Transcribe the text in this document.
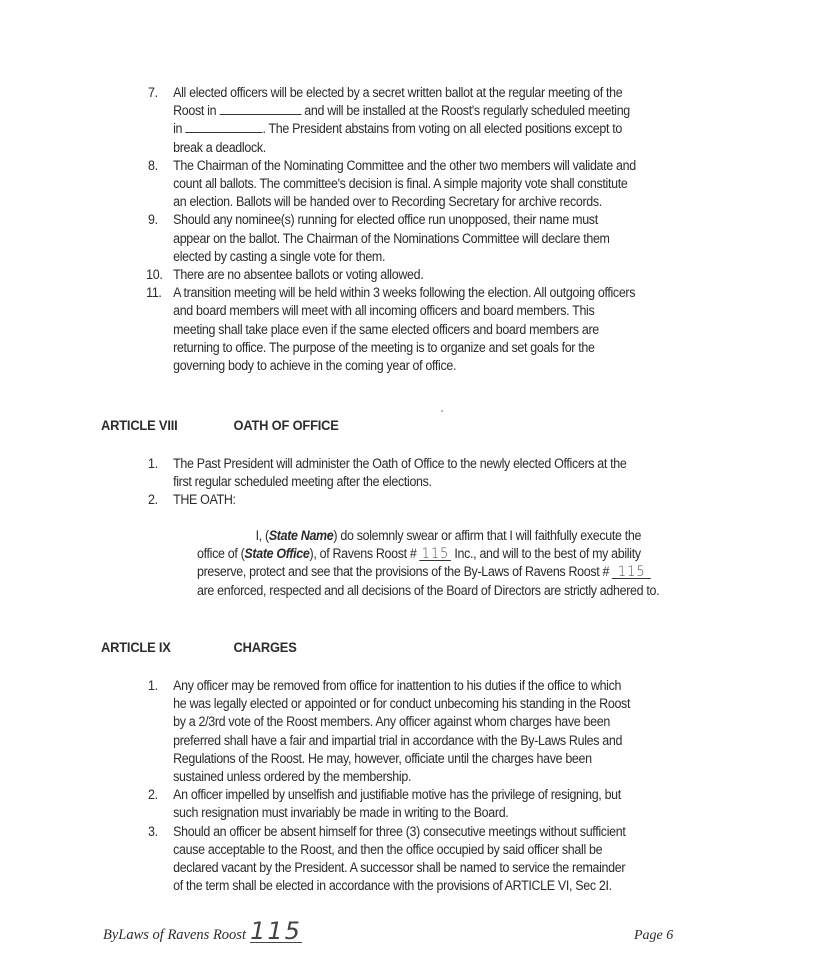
7. All elected officers will be elected by a secret written ballot at the regular meeting of the Roost in	and will be installed at the Roost's regularly scheduled meeting in	. The President abstains from voting on all elected positions except to break a deadlock.

8. The Chairman of the Nominating Committee and the other two members will validate and count all ballots. The committee's decision is final. A simple majority vote shall constitute an election. Ballots will be handed over to Recording Secretary for archive records.

9. Should any nominee(s) running for elected office run unopposed, their name must appear on the ballot. The Chairman of the Nominations Committee will declare them elected by casting a single vote for them.

10. There are no absentee ballots or voting allowed.

11. A transition meeting will be held within 3 weeks following the election. All outgoing officers and board members will meet with all incoming officers and board members. This meeting shall take place even if the same elected officers and board members are returning to office. The purpose of the meeting is to organize and set goals for the governing body to achieve in the coming year of office.

ARTICLE VIII	OATH OF OFFICE

1. The Past President will administer the Oath of Office to the newly elected Officers at the first regular scheduled meeting after the elections.

2. THE OATH:

I, (State Name) do solemnly swear or affirm that I will faithfully execute the office of (State Office), of Ravens Roost # 115 Inc., and will to the best of my ability preserve, protect and see that the provisions of the By-Laws of Ravens Roost # 115 are enforced, respected and all decisions of the Board of Directors are strictly adhered to.
ARTICLE IX	CHARGES

1. Any officer may be removed from office for inattention to his duties if the office to which he was legally elected or appointed or for conduct unbecoming his standing in the Roost by a 2/3rd vote of the Roost members. Any officer against whom charges have been preferred shall have a fair and impartial trial in accordance with the By-Laws Rules and Regulations of the Roost. He may, however, officiate until the charges have been sustained unless ordered by the membership.

2. An officer impelled by unselfish and justifiable motive has the privilege of resigning, but such resignation must invariably be made in writing to the Board.

3. Should an officer be absent himself for three (3) consecutive meetings without sufficient cause acceptable to the Roost, and then the office occupied by said officer shall be declared vacant by the President. A successor shall be named to service the remainder of the term shall be elected in accordance with the provisions of ARTICLE VI, Sec 2I.

ByLaws of Ravens Roost 115	Page 6
